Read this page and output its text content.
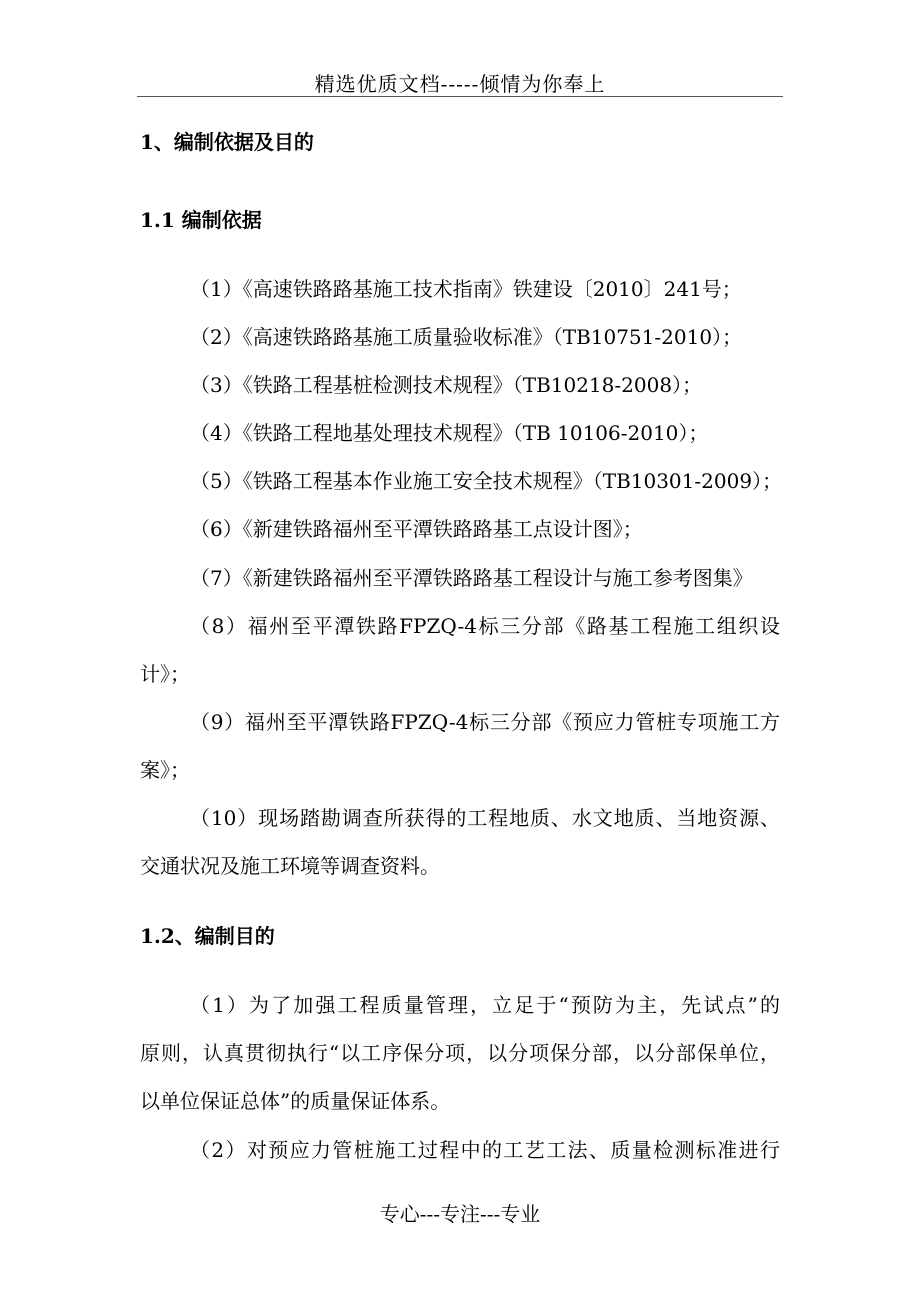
精选优质文档-----倾情为你奉上
1、编制依据及目的
1.1 编制依据
（1）《高速铁路路基施工技术指南》铁建设〔2010〕241号；
（2）《高速铁路路基施工质量验收标准》（TB10751-2010）；
（3）《铁路工程基桩检测技术规程》（TB10218-2008）；
（4）《铁路工程地基处理技术规程》（TB 10106-2010）；
（5）《铁路工程基本作业施工安全技术规程》（TB10301-2009）；
（6）《新建铁路福州至平潭铁路路基工点设计图》；
（7）《新建铁路福州至平潭铁路路基工程设计与施工参考图集》
（8）福州至平潭铁路FPZQ-4标三分部《路基工程施工组织设
计》；
（9）福州至平潭铁路FPZQ-4标三分部《预应力管桩专项施工方
案》；
（10）现场踏勘调查所获得的工程地质、水文地质、当地资源、
交通状况及施工环境等调查资料。
1.2、编制目的
（1）为了加强工程质量管理，立足于“预防为主，先试点”的
原则，认真贯彻执行“以工序保分项，以分项保分部，以分部保单位，
以单位保证总体”的质量保证体系。
（2）对预应力管桩施工过程中的工艺工法、质量检测标准进行
专心---专注---专业
